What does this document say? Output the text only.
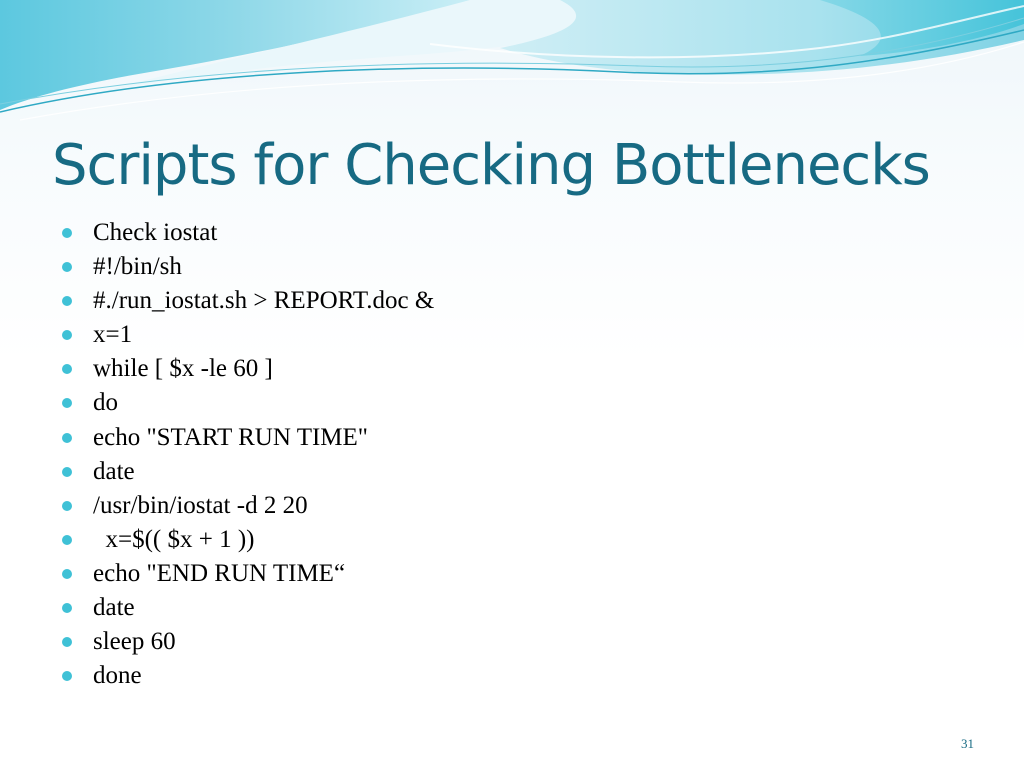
Scripts for Checking Bottlenecks

Check iostat

#!/bin/sh

#./run_iostat.sh > REPORT.doc &

x=1

while [ $x -le 60 ]

do

echo "START RUN TIME"

date

/usr/bin/iostat -d 2 20

x=$(( $x + 1 ))

echo "END RUN TIME“

date

sleep 60

done

31
